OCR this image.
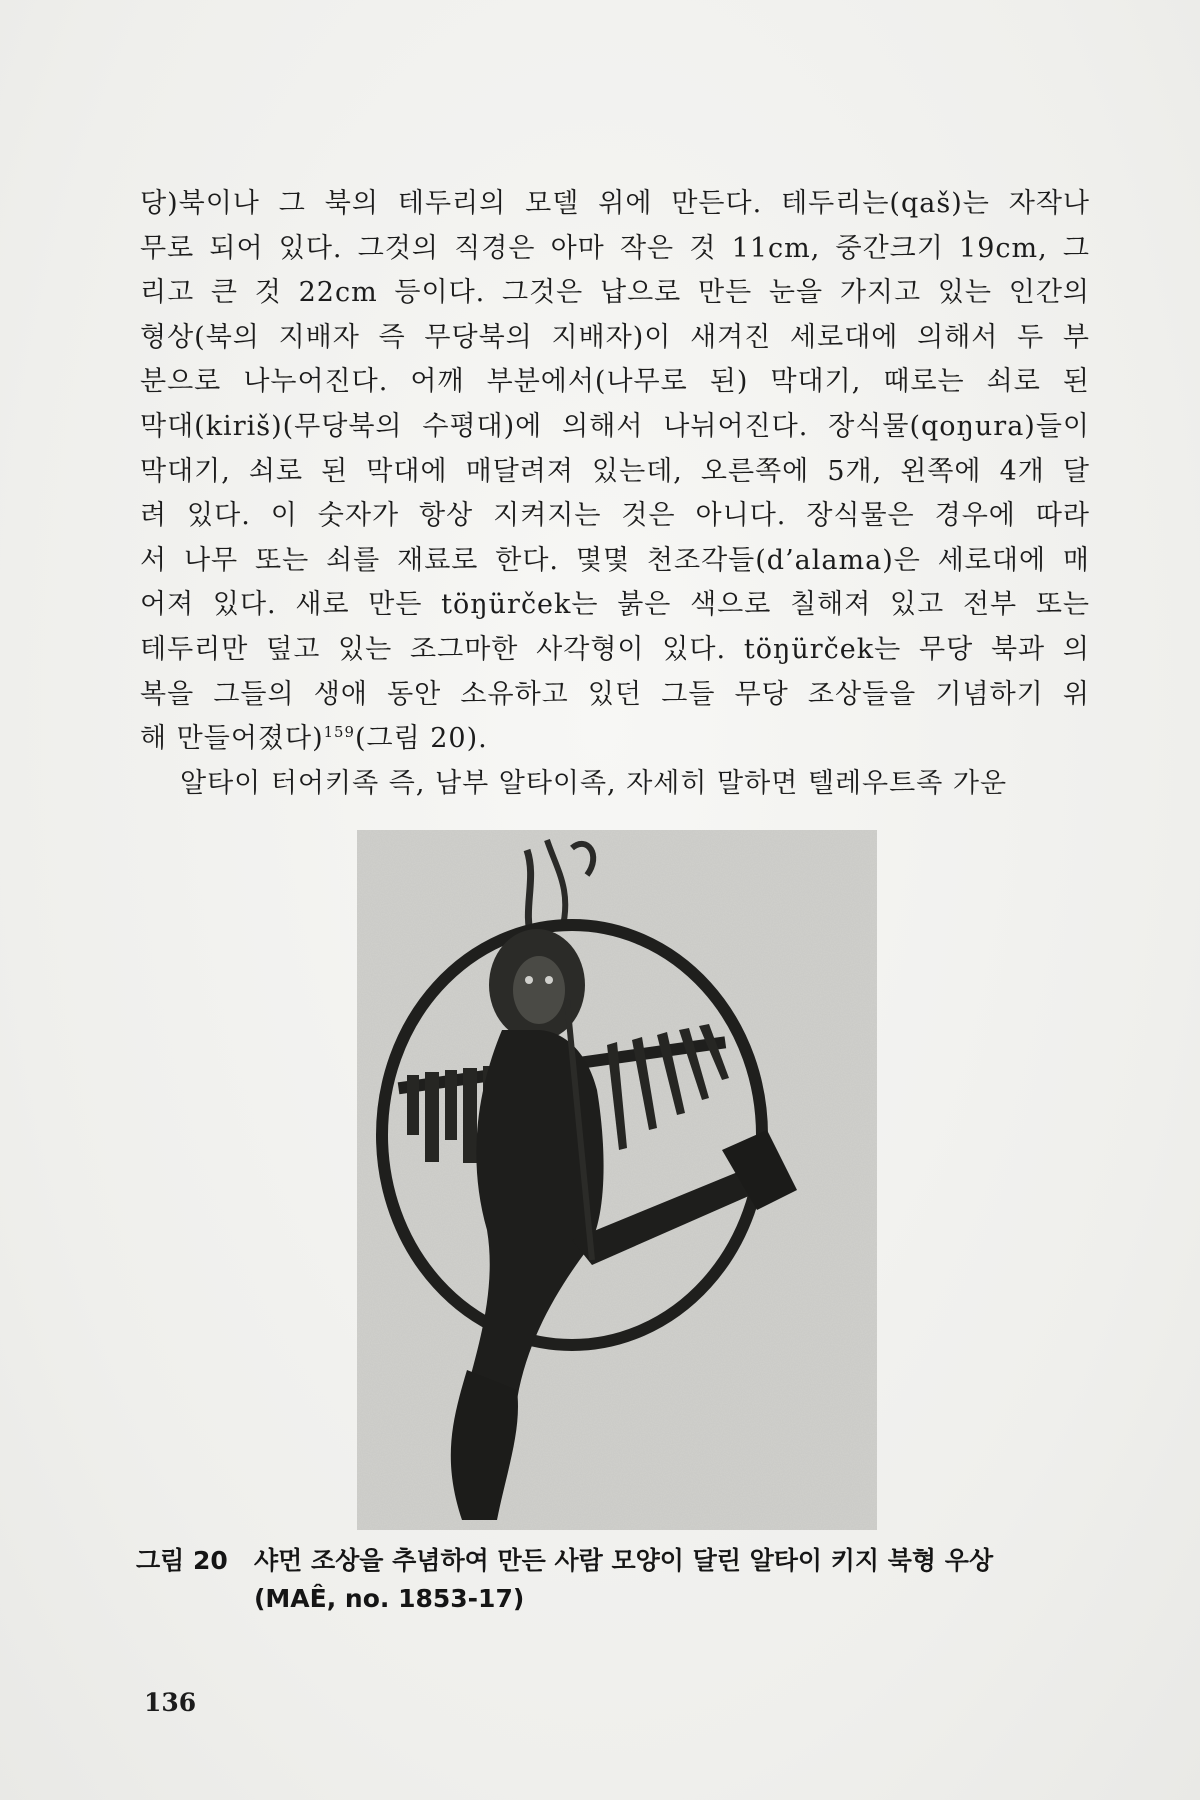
당)북이나 그 북의 테두리의 모델 위에 만든다. 테두리는(qaš)는 자작나
무로 되어 있다. 그것의 직경은 아마 작은 것 11cm, 중간크기 19cm, 그
리고 큰 것 22cm 등이다. 그것은 납으로 만든 눈을 가지고 있는 인간의
형상(북의 지배자 즉 무당북의 지배자)이 새겨진 세로대에 의해서 두 부
분으로 나누어진다. 어깨 부분에서(나무로 된) 막대기, 때로는 쇠로 된
막대(kiriš)(무당북의 수평대)에 의해서 나뉘어진다. 장식물(qoŋura)들이
막대기, 쇠로 된 막대에 매달려져 있는데, 오른쪽에 5개, 왼쪽에 4개 달
려 있다. 이 숫자가 항상 지켜지는 것은 아니다. 장식물은 경우에 따라
서 나무 또는 쇠를 재료로 한다. 몇몇 천조각들(d’alama)은 세로대에 매
어져 있다. 새로 만든 töŋürček는 붉은 색으로 칠해져 있고 전부 또는
테두리만 덮고 있는 조그마한 사각형이 있다. töŋürček는 무당 북과 의
복을 그들의 생애 동안 소유하고 있던 그들 무당 조상들을 기념하기 위
해 만들어졌다)$^{159}$(그림 20).

알타이 터어키족 즉, 남부 알타이족, 자세히 말하면 텔레우트족 가운

그림 20 샤먼 조상을 추념하여 만든 사람 모양이 달린 알타이 키지 북형 우상
(MAÊ, no. 1853-17)
136
